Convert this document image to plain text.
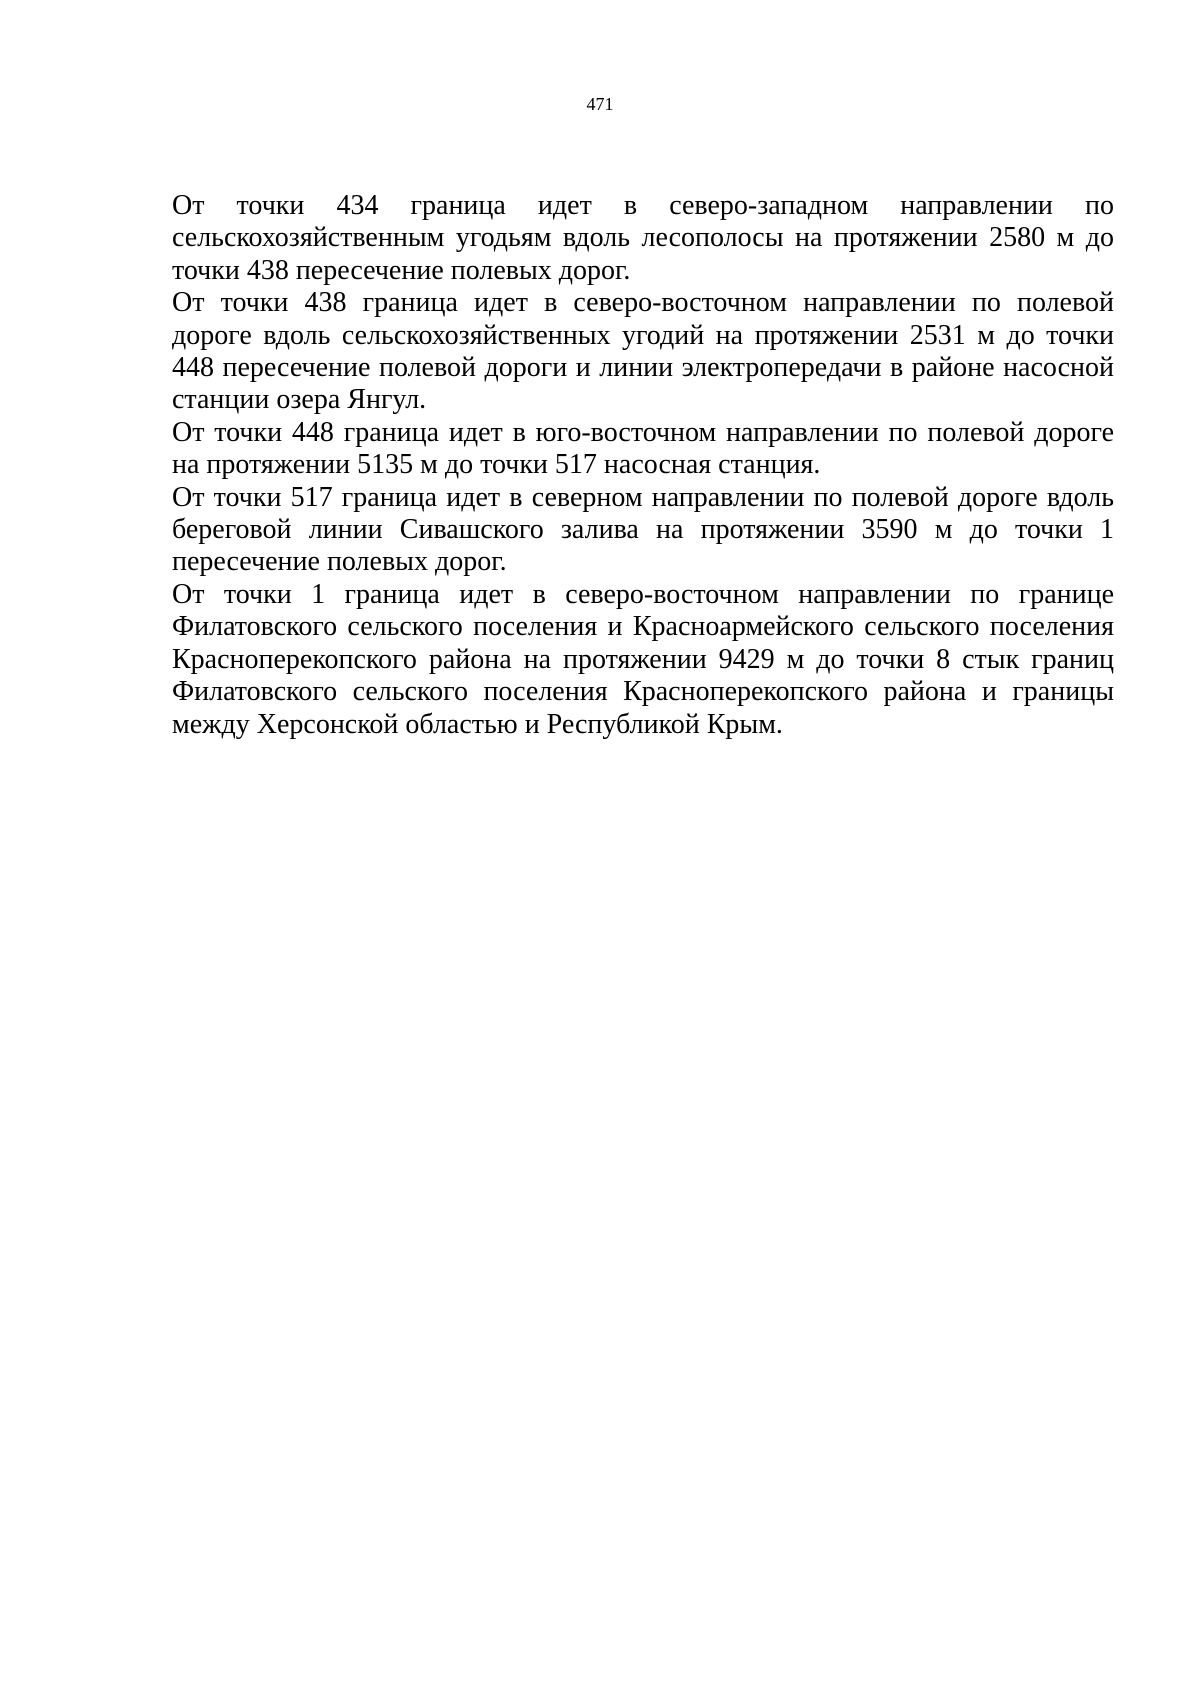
471

От точки 434 граница идет в северо-западном направлении по сельскохозяйственным угодьям вдоль лесополосы на протяжении 2580 м до точки 438 пересечение полевых дорог.

От точки 438 граница идет в северо-восточном направлении по полевой дороге вдоль сельскохозяйственных угодий на протяжении 2531 м до точки 448 пересечение полевой дороги и линии электропередачи в районе насосной станции озера Янгул.

От точки 448 граница идет в юго-восточном направлении по полевой дороге на протяжении 5135 м до точки 517 насосная станция.

От точки 517 граница идет в северном направлении по полевой дороге вдоль береговой линии Сивашского залива на протяжении 3590 м до точки 1 пересечение полевых дорог.

От точки 1 граница идет в северо-восточном направлении по границе Филатовского сельского поселения и Красноармейского сельского поселения Красноперекопского района на протяжении 9429 м до точки 8 стык границ Филатовского сельского поселения Красноперекопского района и границы между Херсонской областью и Республикой Крым.
